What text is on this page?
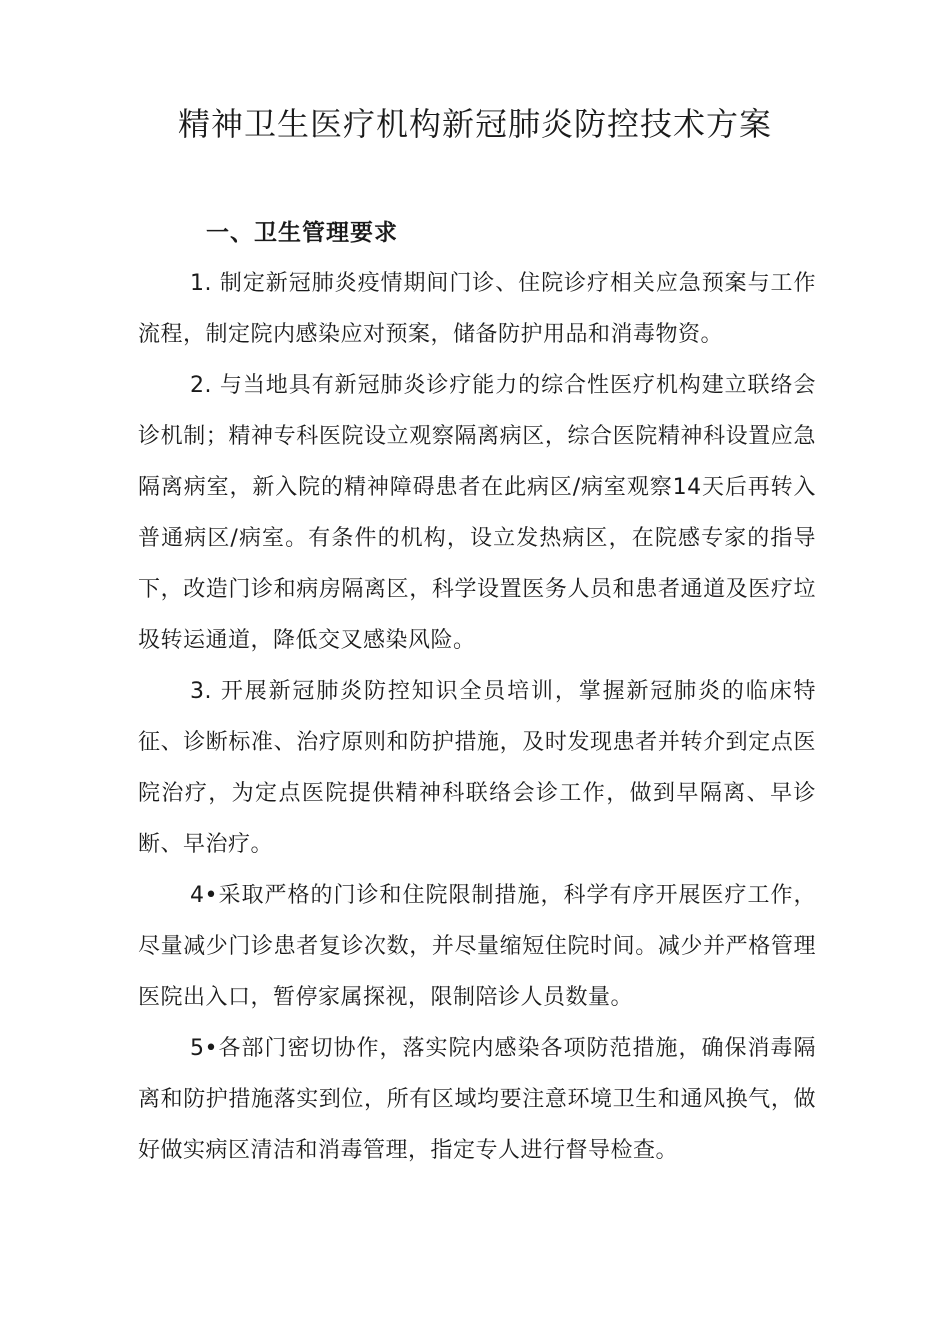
精神卫生医疗机构新冠肺炎防控技术方案
一、卫生管理要求

1. 制定新冠肺炎疫情期间门诊、住院诊疗相关应急预案与工作流程，制定院内感染应对预案，储备防护用品和消毒物资。

2. 与当地具有新冠肺炎诊疗能力的综合性医疗机构建立联络会诊机制；精神专科医院设立观察隔离病区，综合医院精神科设置应急隔离病室，新入院的精神障碍患者在此病区/病室观察14天后再转入普通病区/病室。有条件的机构，设立发热病区，在院感专家的指导下，改造门诊和病房隔离区，科学设置医务人员和患者通道及医疗垃圾转运通道，降低交叉感染风险。

3. 开展新冠肺炎防控知识全员培训，掌握新冠肺炎的临床特征、诊断标准、治疗原则和防护措施，及时发现患者并转介到定点医院治疗，为定点医院提供精神科联络会诊工作，做到早隔离、早诊断、早治疗。

4•采取严格的门诊和住院限制措施，科学有序开展医疗工作，尽量减少门诊患者复诊次数，并尽量缩短住院时间。减少并严格管理医院出入口，暂停家属探视，限制陪诊人员数量。

5•各部门密切协作，落实院内感染各项防范措施，确保消毒隔离和防护措施落实到位，所有区域均要注意环境卫生和通风换气，做好做实病区清洁和消毒管理，指定专人进行督导检查。
